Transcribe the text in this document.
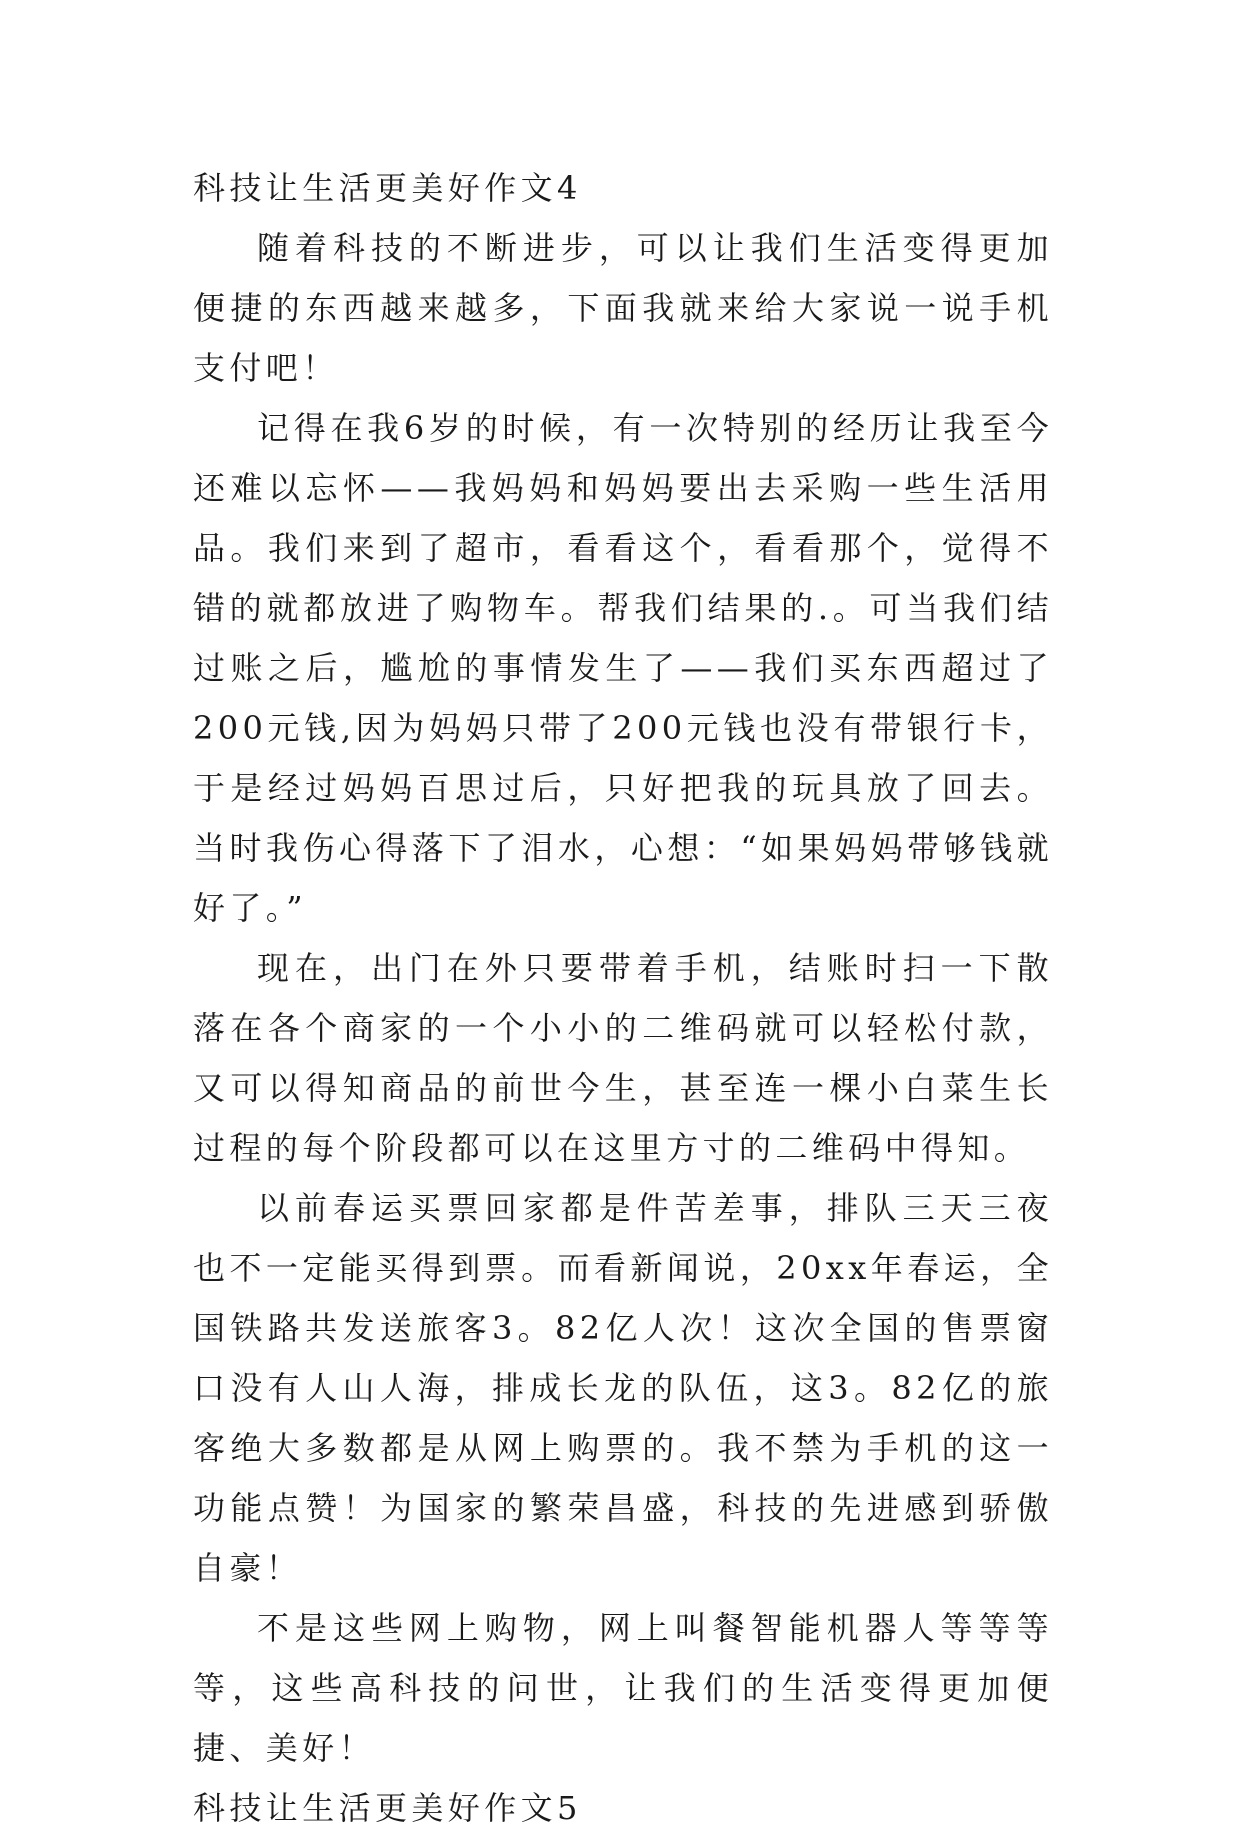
科技让生活更美好作文4

随着科技的不断进步，可以让我们生活变得更加便捷的东西越来越多，下面我就来给大家说一说手机支付吧！

记得在我6岁的时候，有一次特别的经历让我至今还难以忘怀——我妈妈和妈妈要出去采购一些生活用品。我们来到了超市，看看这个，看看那个，觉得不错的就都放进了购物车。帮我们结果的.。可当我们结过账之后，尴尬的事情发生了——我们买东西超过了200元钱,因为妈妈只带了200元钱也没有带银行卡，于是经过妈妈百思过后，只好把我的玩具放了回去。当时我伤心得落下了泪水，心想：“如果妈妈带够钱就好了。”

现在，出门在外只要带着手机，结账时扫一下散落在各个商家的一个小小的二维码就可以轻松付款， 又可以得知商品的前世今生，甚至连一棵小白菜生长过程的每个阶段都可以在这里方寸的二维码中得知。

以前春运买票回家都是件苦差事，排队三天三夜也不一定能买得到票。而看新闻说，20xx年春运，全国铁路共发送旅客3。82亿人次！这次全国的售票窗口没有人山人海，排成长龙的队伍，这3。82亿的旅客绝大多数都是从网上购票的。我不禁为手机的这一功能点赞！为国家的繁荣昌盛，科技的先进感到骄傲自豪！

不是这些网上购物，网上叫餐智能机器人等等等等，这些高科技的问世，让我们的生活变得更加便捷、美好！

科技让生活更美好作文5
